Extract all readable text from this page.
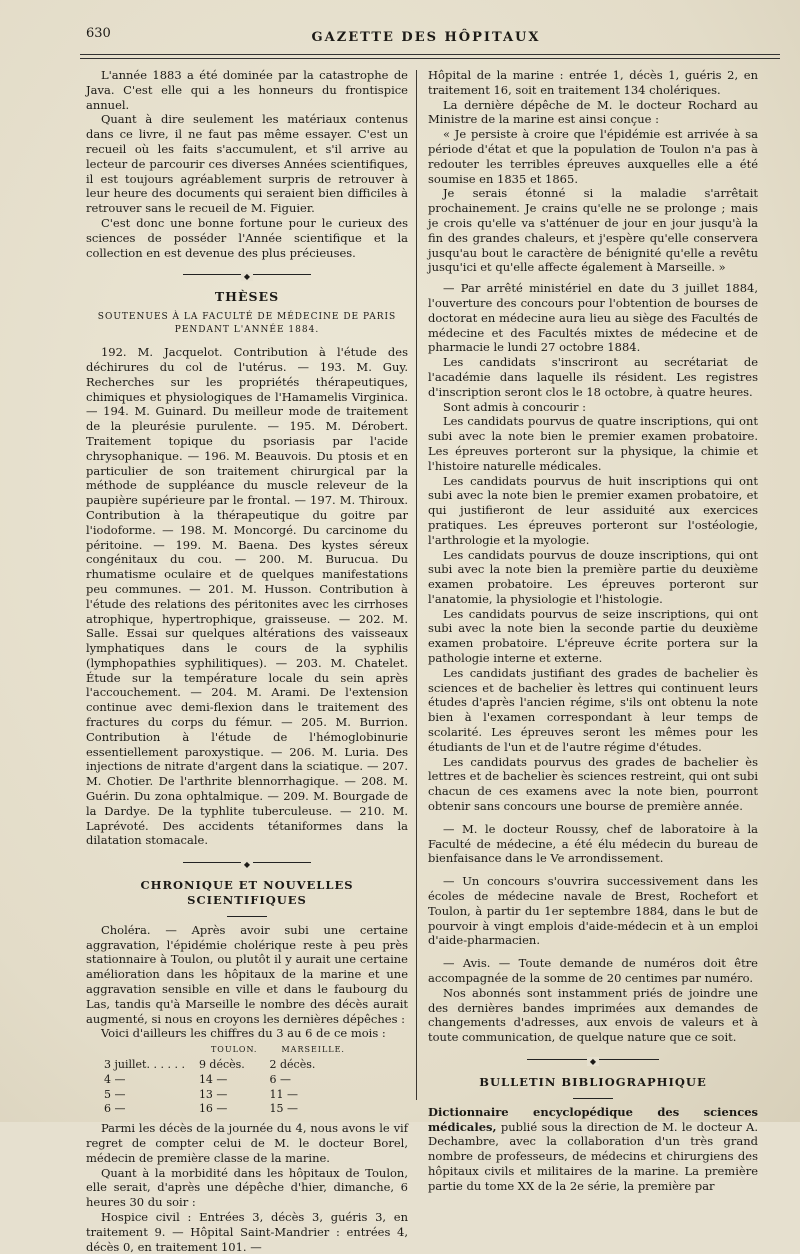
630	GAZETTE DES HÔPITAUX

L'année 1883 a été dominée par la catastrophe de Java. C'est elle qui a les honneurs du frontispice annuel.

Quant à dire seulement les matériaux contenus dans ce livre, il ne faut pas même essayer. C'est un recueil où les faits s'accumulent, et s'il arrive au lecteur de parcourir ces diverses Années scientifiques, il est toujours agréablement surpris de retrouver à leur heure des documents qui seraient bien difficiles à retrouver sans le recueil de M. Figuier.

C'est donc une bonne fortune pour le curieux des sciences de posséder l'Année scientifique et la collection en est devenue des plus précieuses.

◆
THÈSES
SOUTENUES À LA FACULTÉ DE MÉDECINE DE PARIS
PENDANT L'ANNÉE 1884.

192. M. Jacquelot. Contribution à l'étude des déchirures du col de l'utérus. — 193. M. Guy. Recherches sur les propriétés thérapeutiques, chimiques et physiologiques de l'Hamamelis Virginica. — 194. M. Guinard. Du meilleur mode de traitement de la pleurésie purulente. — 195. M. Dérobert. Traitement topique du psoriasis par l'acide chrysophanique. — 196. M. Beauvois. Du ptosis et en particulier de son traitement chirurgical par la méthode de suppléance du muscle releveur de la paupière supérieure par le frontal. — 197. M. Thiroux. Contribution à la thérapeutique du goitre par l'iodoforme. — 198. M. Moncorgé. Du carcinome du péritoine. — 199. M. Baena. Des kystes séreux congénitaux du cou. — 200. M. Burucua. Du rhumatisme oculaire et de quelques manifestations peu communes. — 201. M. Husson. Contribution à l'étude des relations des péritonites avec les cirrhoses atrophique, hypertrophique, graisseuse. — 202. M. Salle. Essai sur quelques altérations des vaisseaux lymphatiques dans le cours de la syphilis (lymphopathies syphilitiques). — 203. M. Chatelet. Étude sur la température locale du sein après l'accouchement. — 204. M. Arami. De l'extension continue avec demi-flexion dans le traitement des fractures du corps du fémur. — 205. M. Burrion. Contribution à l'étude de l'hémoglobinurie essentiellement paroxystique. — 206. M. Luria. Des injections de nitrate d'argent dans la sciatique. — 207. M. Chotier. De l'arthrite blennorrhagique. — 208. M. Guérin. Du zona ophtalmique. — 209. M. Bourgade de la Dardye. De la typhlite tuberculeuse. — 210. M. Laprévoté. Des accidents tétaniformes dans la dilatation stomacale.

◆
CHRONIQUE ET NOUVELLES SCIENTIFIQUES

Choléra. — Après avoir subi une certaine aggravation, l'épidémie cholérique reste à peu près stationnaire à Toulon, ou plutôt il y aurait une certaine amélioration dans les hôpitaux de la marine et une aggravation sensible en ville et dans le faubourg du Las, tandis qu'à Marseille le nombre des décès aurait augmenté, si nous en croyons les dernières dépêches :

Voici d'ailleurs les chiffres du 3 au 6 de ce mois :

	TOULON.	MARSEILLE.
3 juillet. . . . . .	9 décès.	2 décès.
4 —	14 —	6 —
5 —	13 —	11 —
6 —	16 —	15 —

Parmi les décès de la journée du 4, nous avons le vif regret de compter celui de M. le docteur Borel, médecin de première classe de la marine.

Quant à la morbidité dans les hôpitaux de Toulon, elle serait, d'après une dépêche d'hier, dimanche, 6 heures 30 du soir :

Hospice civil : Entrées 3, décès 3, guéris 3, en traitement 9. — Hôpital Saint-Mandrier : entrées 4, décès 0, en traitement 101. —

Hôpital de la marine : entrée 1, décès 1, guéris 2, en traitement 16, soit en traitement 134 cholériques.

La dernière dépêche de M. le docteur Rochard au Ministre de la marine est ainsi conçue :

« Je persiste à croire que l'épidémie est arrivée à sa période d'état et que la population de Toulon n'a pas à redouter les terribles épreuves auxquelles elle a été soumise en 1835 et 1865.

Je serais étonné si la maladie s'arrêtait prochainement. Je crains qu'elle ne se prolonge ; mais je crois qu'elle va s'atténuer de jour en jour jusqu'à la fin des grandes chaleurs, et j'espère qu'elle conservera jusqu'au bout le caractère de bénignité qu'elle a revêtu jusqu'ici et qu'elle affecte également à Marseille. »

— Par arrêté ministériel en date du 3 juillet 1884, l'ouverture des concours pour l'obtention de bourses de doctorat en médecine aura lieu au siège des Facultés de médecine et des Facultés mixtes de médecine et de pharmacie le lundi 27 octobre 1884.

Les candidats s'inscriront au secrétariat de l'académie dans laquelle ils résident. Les registres d'inscription seront clos le 18 octobre, à quatre heures.

Sont admis à concourir :

Les candidats pourvus de quatre inscriptions, qui ont subi avec la note bien le premier examen probatoire. Les épreuves porteront sur la physique, la chimie et l'histoire naturelle médicales.

Les candidats pourvus de huit inscriptions qui ont subi avec la note bien le premier examen probatoire, et qui justifieront de leur assiduité aux exercices pratiques. Les épreuves porteront sur l'ostéologie, l'arthrologie et la myologie.

Les candidats pourvus de douze inscriptions, qui ont subi avec la note bien la première partie du deuxième examen probatoire. Les épreuves porteront sur l'anatomie, la physiologie et l'histologie.

Les candidats pourvus de seize inscriptions, qui ont subi avec la note bien la seconde partie du deuxième examen probatoire. L'épreuve écrite portera sur la pathologie interne et externe.

Les candidats justifiant des grades de bachelier ès sciences et de bachelier ès lettres qui continuent leurs études d'après l'ancien régime, s'ils ont obtenu la note bien à l'examen correspondant à leur temps de scolarité. Les épreuves seront les mêmes pour les étudiants de l'un et de l'autre régime d'études.

Les candidats pourvus des grades de bachelier ès lettres et de bachelier ès sciences restreint, qui ont subi chacun de ces examens avec la note bien, pourront obtenir sans concours une bourse de première année.

— M. le docteur Roussy, chef de laboratoire à la Faculté de médecine, a été élu médecin du bureau de bienfaisance dans le Ve arrondissement.

— Un concours s'ouvrira successivement dans les écoles de médecine navale de Brest, Rochefort et Toulon, à partir du 1er septembre 1884, dans le but de pourvoir à vingt emplois d'aide-médecin et à un emploi d'aide-pharmacien.

— Avis. — Toute demande de numéros doit être accompagnée de la somme de 20 centimes par numéro.

Nos abonnés sont instamment priés de joindre une des dernières bandes imprimées aux demandes de changements d'adresses, aux envois de valeurs et à toute communication, de quelque nature que ce soit.

◆
BULLETIN BIBLIOGRAPHIQUE

Dictionnaire encyclopédique des sciences médicales, publié sous la direction de M. le docteur A. Dechambre, avec la collaboration d'un très grand nombre de professeurs, de médecins et chirurgiens des hôpitaux civils et militaires de la marine. La première partie du tome XX de la 2e série, la première par
